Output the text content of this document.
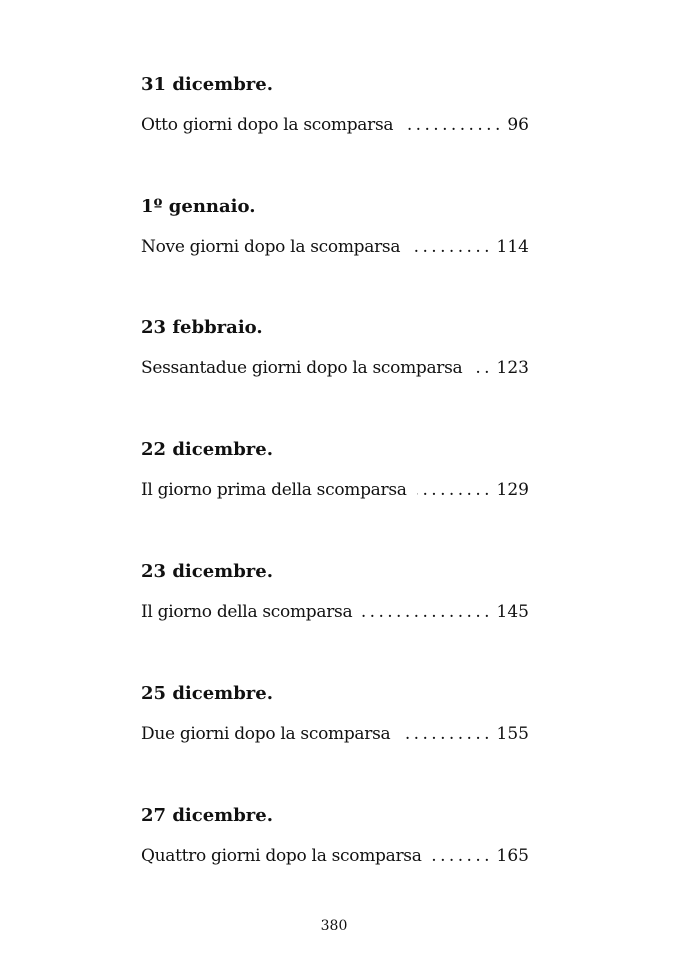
31 dicembre.
Otto giorni dopo la scomparsa . . .	96
1º gennaio.
Nove giorni dopo la scomparsa . . .	114
23 febbraio.
Sessantadue giorni dopo la scomparsa . . . 123
22 dicembre.
Il giorno prima della scomparsa . . .	129
23 dicembre.
Il giorno della scomparsa . . .	145
25 dicembre.
Due giorni dopo la scomparsa . . .	155
27 dicembre.
Quattro giorni dopo la scomparsa . . .	165
380
